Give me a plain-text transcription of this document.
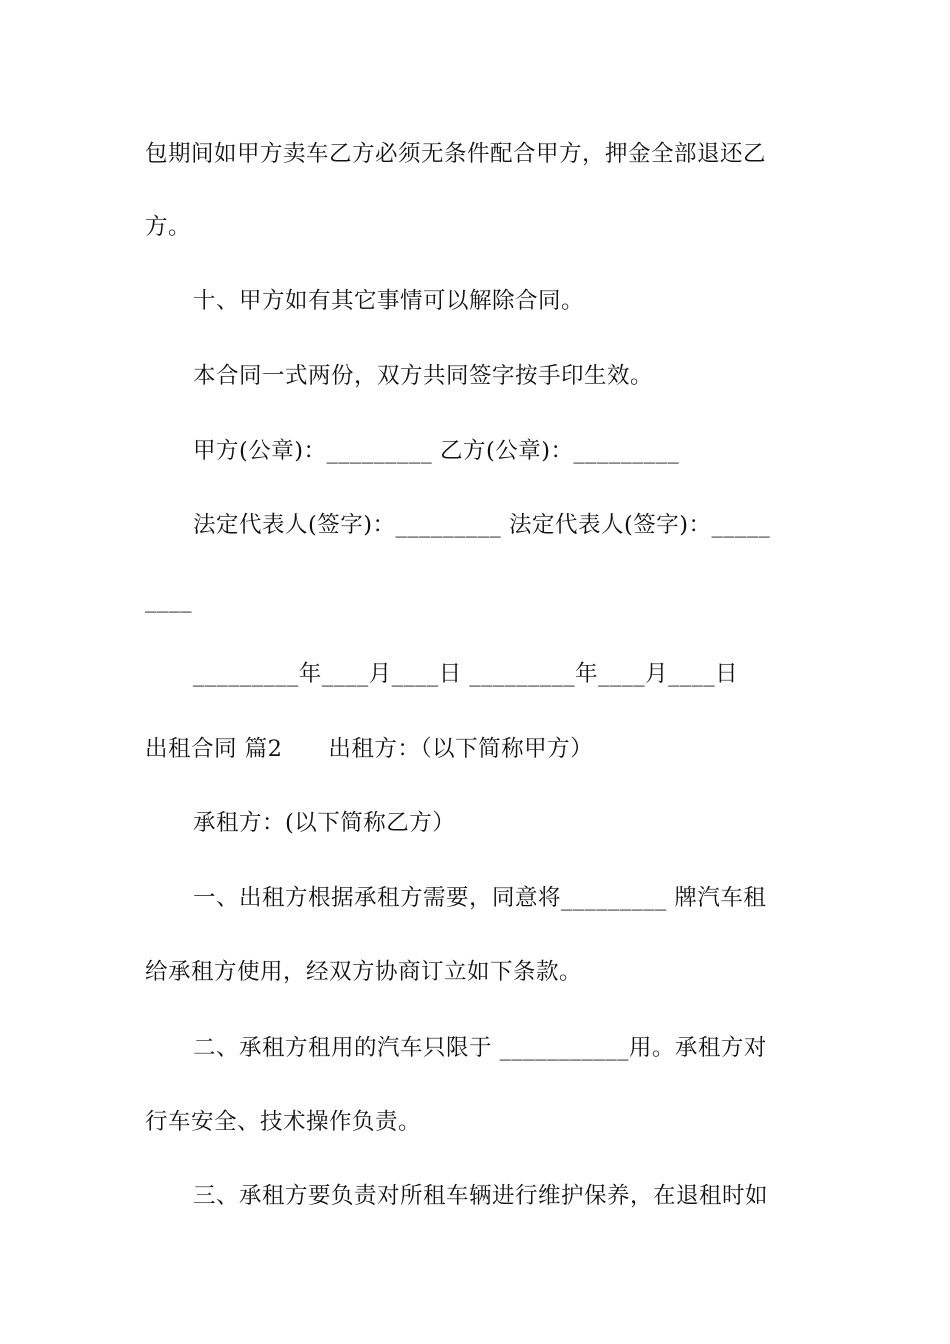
包期间如甲方卖车乙方必须无条件配合甲方，押金全部退还乙
方。
十、甲方如有其它事情可以解除合同。
本合同一式两份，双方共同签字按手印生效。
甲方(公章)：_________ 乙方(公章)：_________
法定代表人(签字)：_________ 法定代表人(签字)：_____
____
_________年____月____日 _________年____月____日
出租合同 篇2      出租方：（以下简称甲方）
承租方：(以下简称乙方）
一、出租方根据承租方需要，同意将_________ 牌汽车租
给承租方使用，经双方协商订立如下条款。
二、承租方租用的汽车只限于 ___________用。承租方对
行车安全、技术操作负责。
三、承租方要负责对所租车辆进行维护保养，在退租时如
